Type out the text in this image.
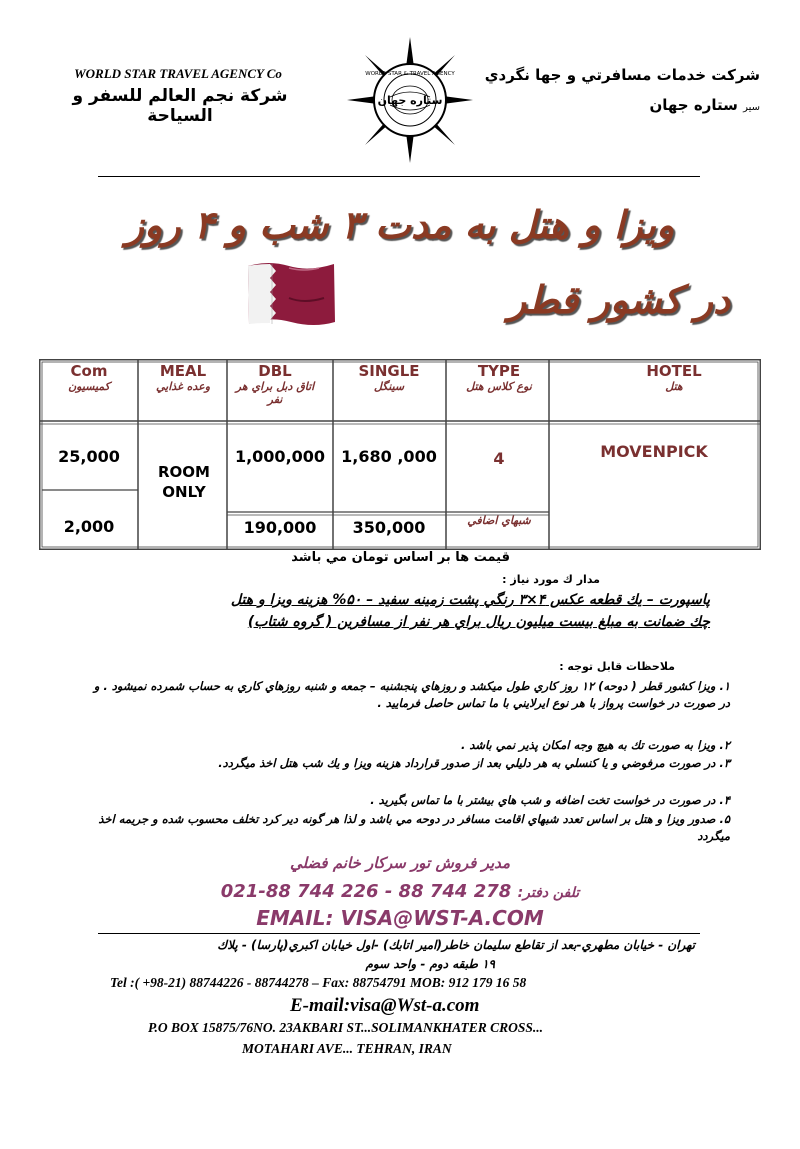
WORLD STAR TRAVEL AGENCY Co
شركة نجم العالم للسفر و السياحة
شرکت خدمات مسافرتي و جها نگردي
سير ستاره جهان
WORLD STAR & TRAVEL AGENCY
ستاره جهان
ويزا و هتل به مدت ۳ شب و ۴ روز
در كشور قطر
HOTEL
هتل
TYPE
نوع كلاس هتل
SINGLE
سينگل
DBL
اتاق دبل براي هر نفر
MEAL
وعده غذايي
Com
كميسيون
MOVENPICK
4
شبهاي اضافي
1,680 ,000
350,000
1,000,000
190,000
ROOM ONLY
25,000
2,000
قيمت ها بر اساس تومان مي باشد
مدار ك مورد نياز :
پاسپورت – يك قطعه عكس ۴×۳ رنگي پشت زمينه سفيد – ۵۰% هزينه ويزا و هتل
چك ضمانت به مبلغ بيست ميليون ريال براي هر نفر از مسافرين ( گروه شتاب)
ملاحظات قابل توجه :
۱. ويزا كشور قطر ( دوحه) ۱۲ روز كاري طول ميكشد و روزهاي پنجشنبه – جمعه و شنبه روزهاي كاري به حساب شمرده نميشود . و در صورت در خواست پرواز با هر نوع ايرلايني با ما تماس حاصل فرماييد .
۲. ويزا به صورت تك به هيچ وجه امكان پذير نمي باشد .
۳. در صورت مرفوضي و يا كنسلي به هر دليلي بعد از صدور قرارداد هزينه ويزا و يك شب هتل اخذ ميگردد.
۴. در صورت در خواست تخت اضافه و شب هاي بيشتر با ما تماس بگيريد .
۵. صدور ويزا و هتل بر اساس تعدد شبهاي اقامت مسافر در دوحه مي باشد و لذا هر گونه دير كرد تخلف محسوب شده و جريمه اخذ ميگردد
مدير فروش تور سركار خانم فضلي
021-88 744 226 - 88 744 278 تلفن دفتر:
EMAIL: VISA@WST-A.COM
تهران - خيابان مطهري-بعد از تقاطع سليمان خاطر(امير اتابك) -اول خيابان اكبري(پارسا) - پلاك
۱۹ طبقه دوم - واحد سوم
Tel :( +98-21) 88744226 - 88744278 – Fax: 88754791 MOB: 912 179 16 58
E-mail:visa@Wst-a.com
P.O BOX 15875/76NO. 23AKBARI ST...SOLIMANKHATER CROSS...
MOTAHARI AVE... TEHRAN, IRAN
